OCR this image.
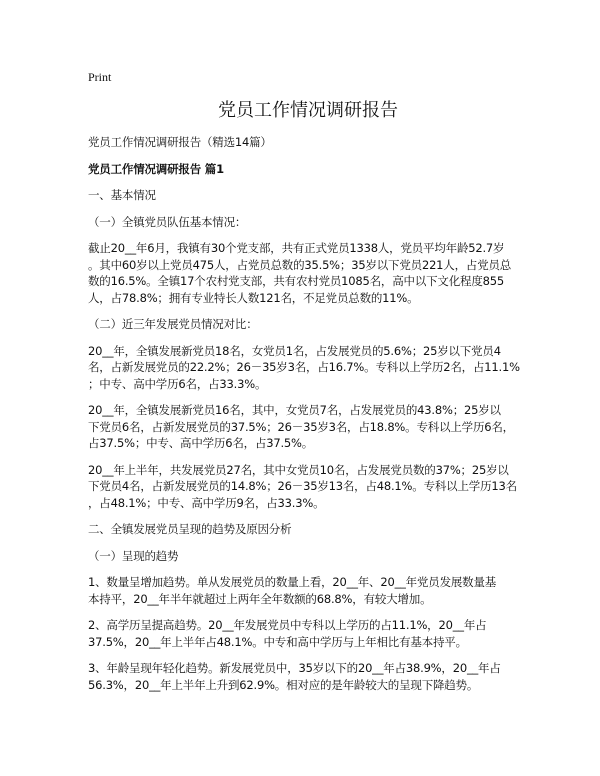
Print
党员工作情况调研报告
党员工作情况调研报告（精选14篇）
党员工作情况调研报告 篇1
一、基本情况
（一）全镇党员队伍基本情况：
截止20__年6月，我镇有30个党支部，共有正式党员1338人，党员平均年龄52.7岁
。其中60岁以上党员475人，占党员总数的35.5%；35岁以下党员221人，占党员总
数的16.5%。全镇17个农村党支部，共有农村党员1085名，高中以下文化程度855
人，占78.8%；拥有专业特长人数121名，不足党员总数的11%。
（二）近三年发展党员情况对比：
20__年，全镇发展新党员18名，女党员1名，占发展党员的5.6%；25岁以下党员4
名，占新发展党员的22.2%；26－35岁3名，占16.7%。专科以上学历2名，占11.1%
；中专、高中学历6名，占33.3%。
20__年，全镇发展新党员16名，其中，女党员7名，占发展党员的43.8%；25岁以
下党员6名，占新发展党员的37.5%；26－35岁3名，占18.8%。专科以上学历6名，
占37.5%；中专、高中学历6名，占37.5%。
20__年上半年，共发展党员27名，其中女党员10名，占发展党员数的37%；25岁以
下党员4名，占新发展党员的14.8%；26－35岁13名，占48.1%。专科以上学历13名
，占48.1%；中专、高中学历9名，占33.3%。
二、全镇发展党员呈现的趋势及原因分析
（一）呈现的趋势
1、数量呈增加趋势。单从发展党员的数量上看，20__年、20__年党员发展数量基
本持平，20__年半年就超过上两年全年数额的68.8%，有较大增加。
2、高学历呈提高趋势。20__年发展党员中专科以上学历的占11.1%，20__年占
37.5%，20__年上半年占48.1%。中专和高中学历与上年相比有基本持平。
3、年龄呈现年轻化趋势。新发展党员中，35岁以下的20__年占38.9%，20__年占
56.3%，20__年上半年上升到62.9%。相对应的是年龄较大的呈现下降趋势。
